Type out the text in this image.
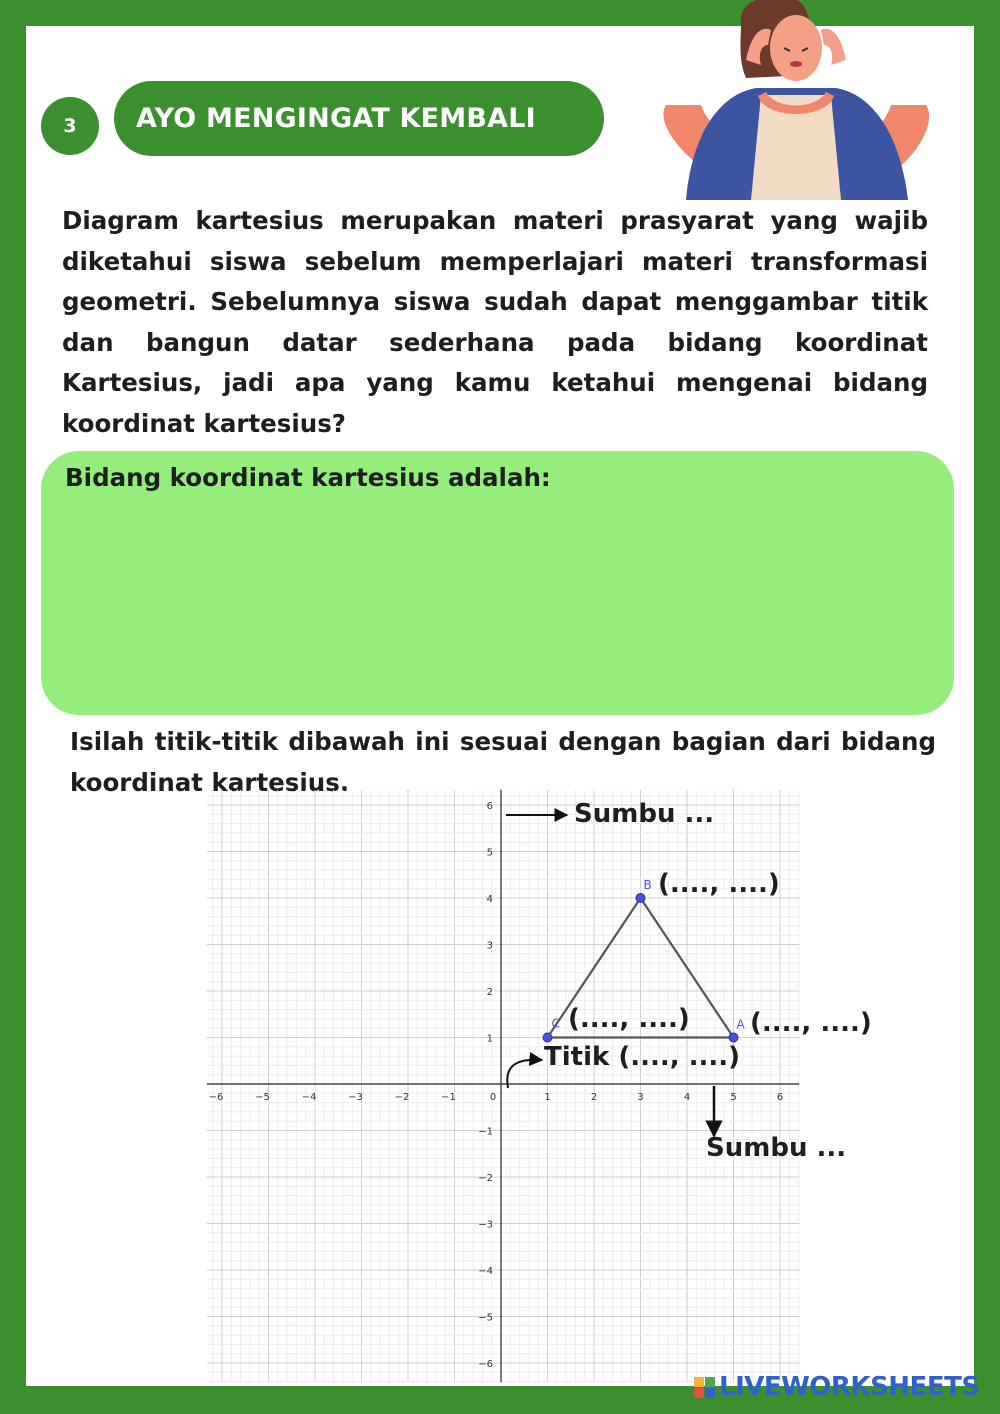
3	AYO MENGINGAT KEMBALI

Diagram kartesius merupakan materi prasyarat yang wajib diketahui siswa sebelum memperlajari materi transformasi geometri. Sebelumnya siswa sudah dapat menggambar titik dan bangun datar sederhana pada bidang koordinat Kartesius, jadi apa yang kamu ketahui mengenai bidang koordinat kartesius?

Bidang koordinat kartesius adalah:

Isilah titik-titik dibawah ini sesuai dengan bagian dari bidang koordinat kartesius.

−6	−5	−4	−3	−2	−1	0	1	2	3	4	5	6
6
5
4
3
2
1
−1
−2
−3
−4
−5
−6
A
B
C
Sumbu ...
(...., ....)
(...., ....) (...., ....)
Titik (...., ....)
Sumbu ...
LIVEWORKSHEETS
